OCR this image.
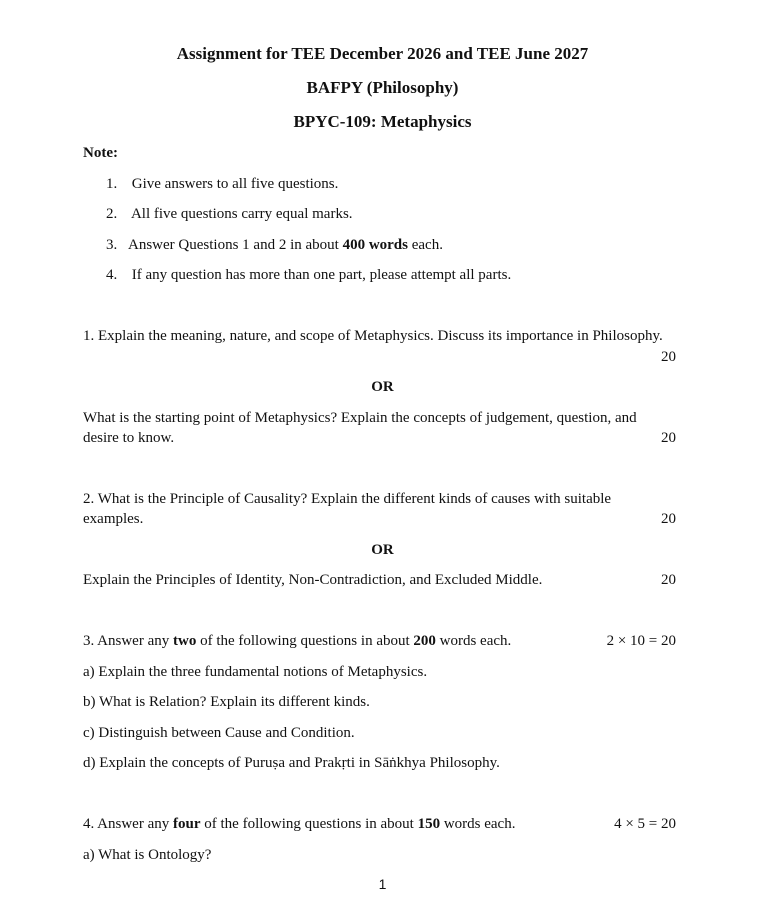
Assignment for TEE December 2026 and TEE June 2027
BAFPY (Philosophy)
BPYC-109: Metaphysics
Note:
1. Give answers to all five questions.
2. All five questions carry equal marks.
3. Answer Questions 1 and 2 in about 400 words each.
4. If any question has more than one part, please attempt all parts.
1. Explain the meaning, nature, and scope of Metaphysics. Discuss its importance in Philosophy.
20
OR
What is the starting point of Metaphysics? Explain the concepts of judgement, question, and
desire to know.	20
2. What is the Principle of Causality? Explain the different kinds of causes with suitable
examples.	20
OR
Explain the Principles of Identity, Non-Contradiction, and Excluded Middle.	20
3. Answer any two of the following questions in about 200 words each.	2 × 10 = 20
a) Explain the three fundamental notions of Metaphysics.
b) What is Relation? Explain its different kinds.
c) Distinguish between Cause and Condition.
d) Explain the concepts of Puruṣa and Prakṛti in Sāṅkhya Philosophy.
4. Answer any four of the following questions in about 150 words each.	4 × 5 = 20
a) What is Ontology?
1
